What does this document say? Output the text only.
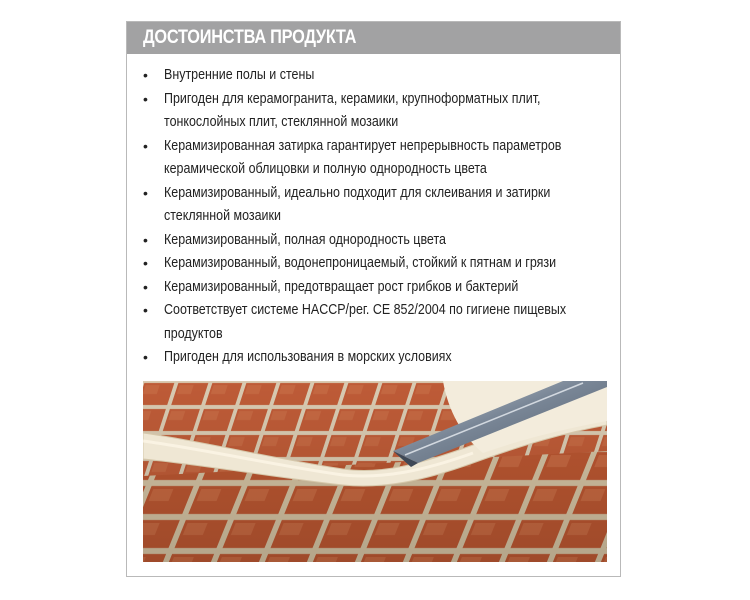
ДОСТОИНСТВА ПРОДУКТА
• Внутренние полы и стены
• Пригоден для керамогранита, керамики, крупноформатных плит, тонкослойных плит, стеклянной мозаики
• Керамизированная затирка гарантирует непрерывность параметров керамической облицовки и полную однородность цвета
• Керамизированный, идеально подходит для склеивания и затирки стеклянной мозаики
• Керамизированный, полная однородность цвета
• Керамизированный, водонепроницаемый, стойкий к пятнам и грязи
• Керамизированный, предотвращает рост грибков и бактерий
• Соответствует системе HACCP/рег. CE 852/2004 по гигиене пищевых продуктов
• Пригоден для использования в морских условиях
